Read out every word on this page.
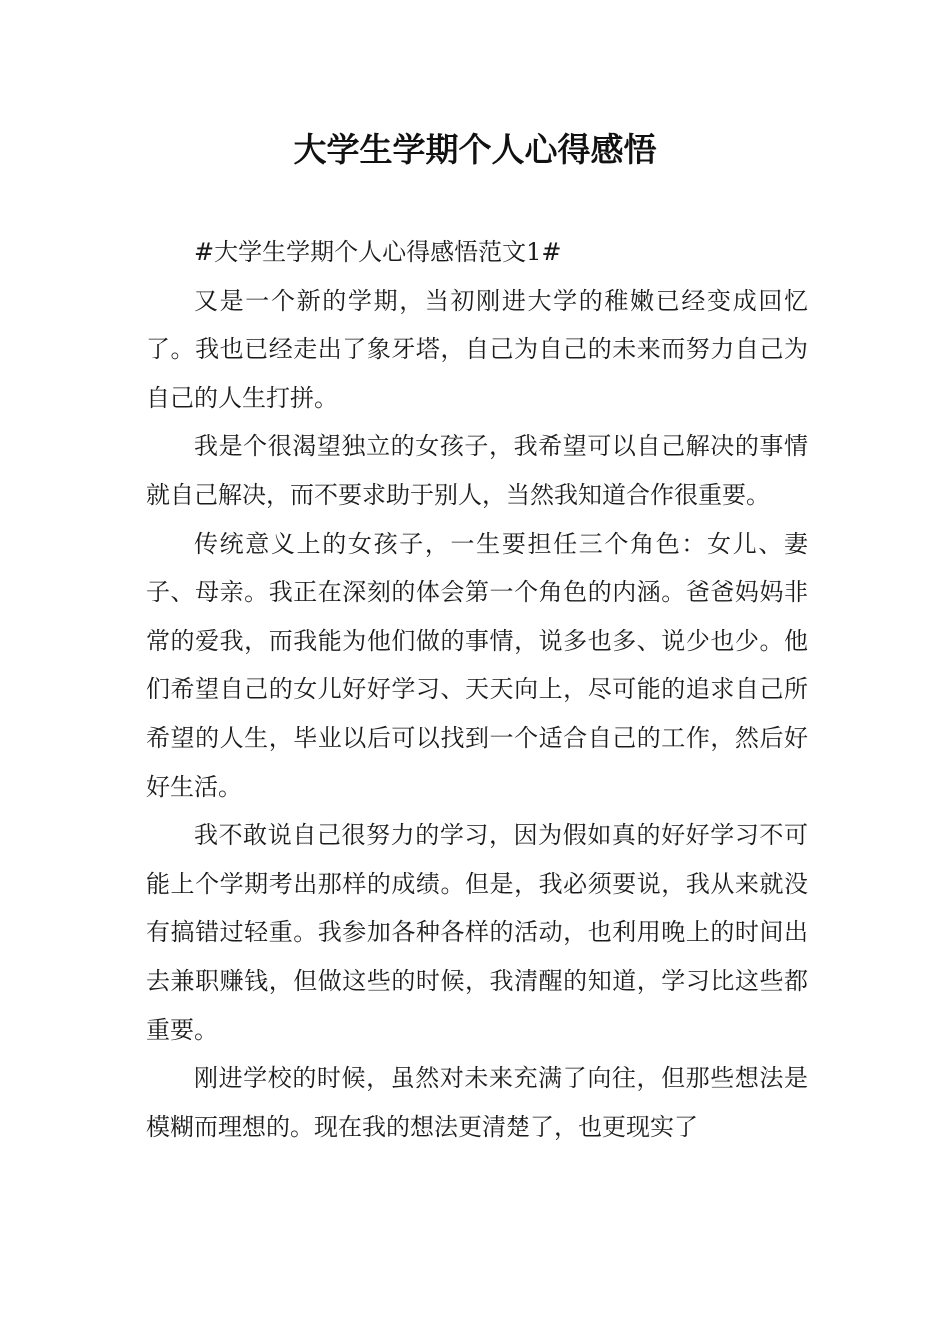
大学生学期个人心得感悟

#大学生学期个人心得感悟范文1#

又是一个新的学期，当初刚进大学的稚嫩已经变成回忆了。我也已经走出了象牙塔，自己为自己的未来而努力自己为自己的人生打拼。

我是个很渴望独立的女孩子，我希望可以自己解决的事情就自己解决，而不要求助于别人，当然我知道合作很重要。

传统意义上的女孩子，一生要担任三个角色：女儿、妻子、母亲。我正在深刻的体会第一个角色的内涵。爸爸妈妈非常的爱我，而我能为他们做的事情，说多也多、说少也少。他们希望自己的女儿好好学习、天天向上，尽可能的追求自己所希望的人生，毕业以后可以找到一个适合自己的工作，然后好好生活。

我不敢说自己很努力的学习，因为假如真的好好学习不可能上个学期考出那样的成绩。但是，我必须要说，我从来就没有搞错过轻重。我参加各种各样的活动，也利用晚上的时间出去兼职赚钱，但做这些的时候，我清醒的知道，学习比这些都重要。

刚进学校的时候，虽然对未来充满了向往，但那些想法是模糊而理想的。现在我的想法更清楚了，也更现实了
